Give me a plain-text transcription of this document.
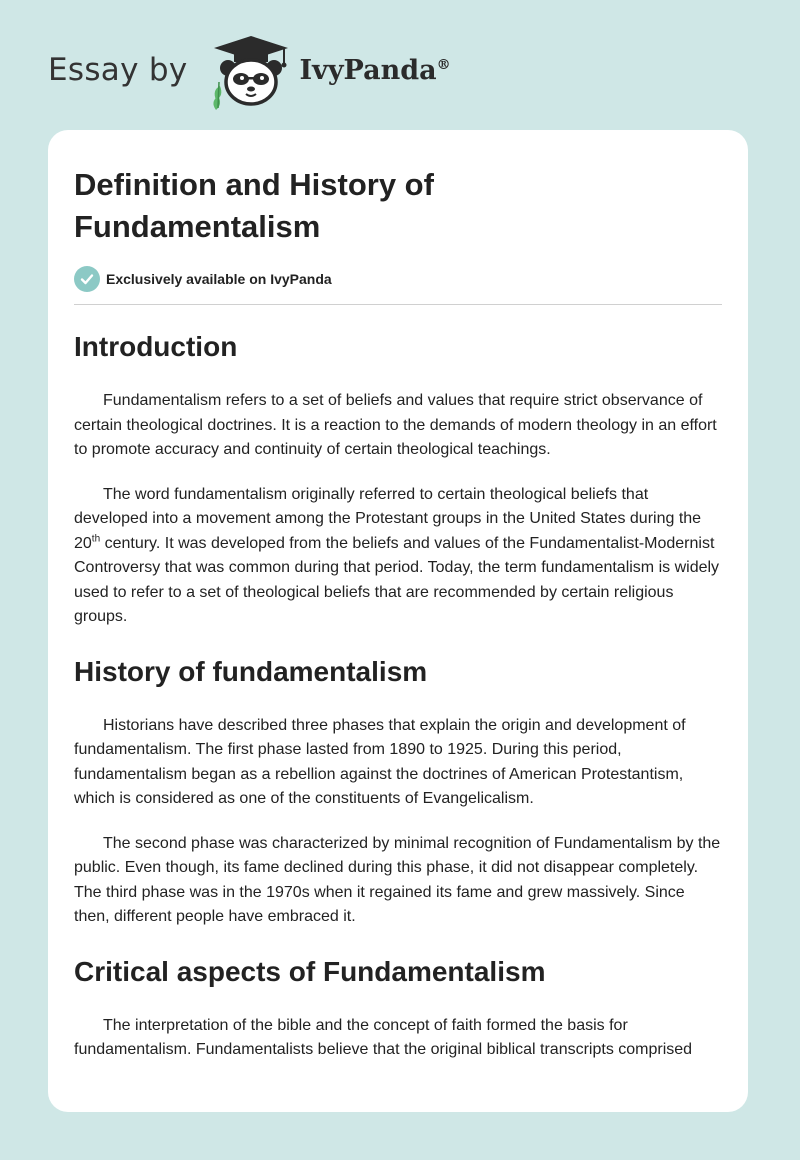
Essay by	IvyPanda®
Definition and History of Fundamentalism
Exclusively available on IvyPanda
Introduction

Fundamentalism refers to a set of beliefs and values that require strict observance of certain theological doctrines. It is a reaction to the demands of modern theology in an effort to promote accuracy and continuity of certain theological teachings.

The word fundamentalism originally referred to certain theological beliefs that developed into a movement among the Protestant groups in the United States during the 20th century. It was developed from the beliefs and values of the Fundamentalist-Modernist Controversy that was common during that period. Today, the term fundamentalism is widely used to refer to a set of theological beliefs that are recommended by certain religious groups.

History of fundamentalism

Historians have described three phases that explain the origin and development of fundamentalism. The first phase lasted from 1890 to 1925. During this period, fundamentalism began as a rebellion against the doctrines of American Protestantism, which is considered as one of the constituents of Evangelicalism.

The second phase was characterized by minimal recognition of Fundamentalism by the public. Even though, its fame declined during this phase, it did not disappear completely. The third phase was in the 1970s when it regained its fame and grew massively. Since then, different people have embraced it.

Critical aspects of Fundamentalism

The interpretation of the bible and the concept of faith formed the basis for fundamentalism. Fundamentalists believe that the original biblical transcripts comprised
